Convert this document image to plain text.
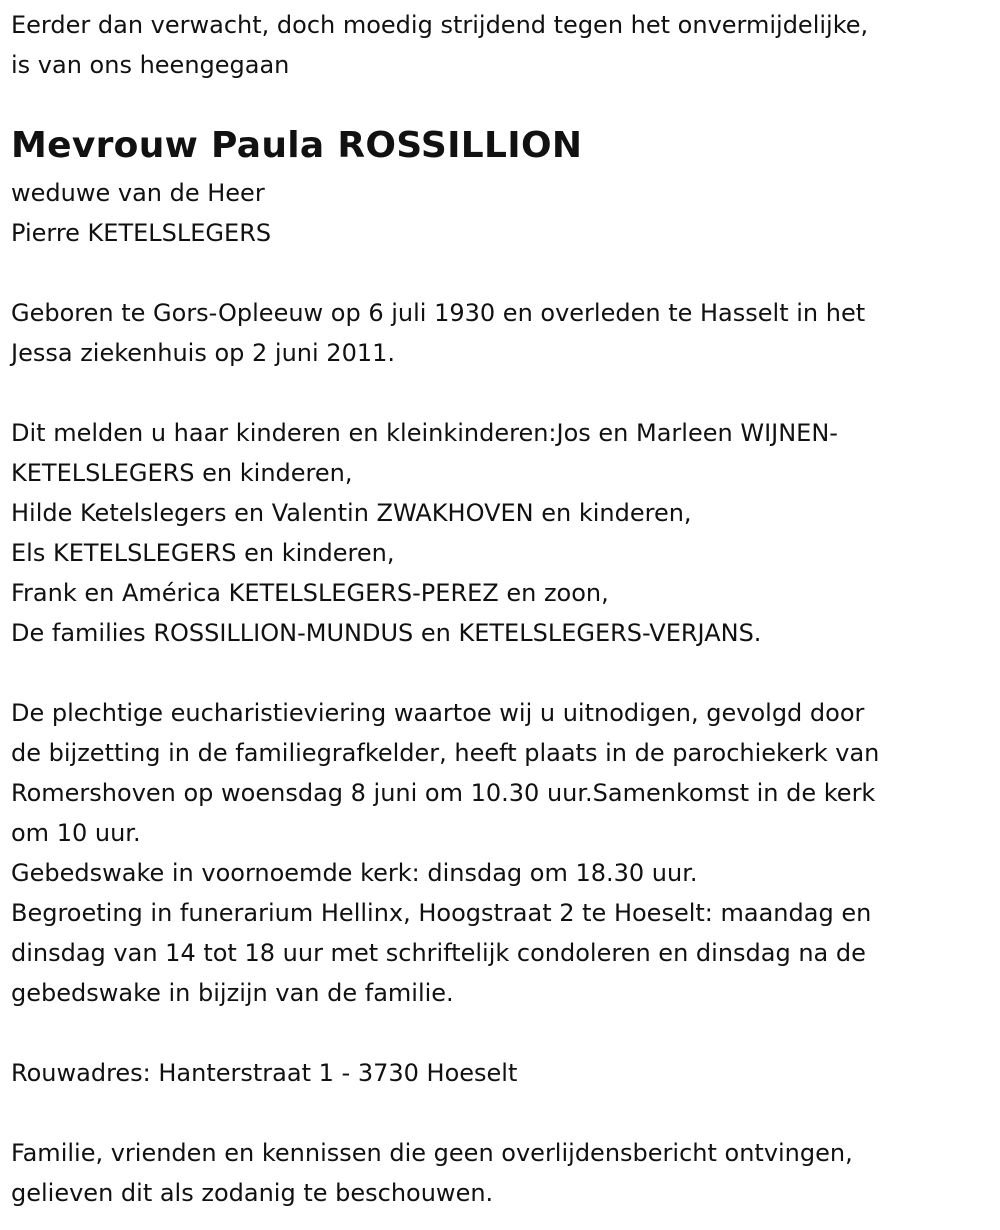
Eerder dan verwacht, doch moedig strijdend tegen het onvermijdelijke,
is van ons heengegaan
Mevrouw Paula ROSSILLION
weduwe van de Heer
Pierre KETELSLEGERS
Geboren te Gors-Opleeuw op 6 juli 1930 en overleden te Hasselt in het
Jessa ziekenhuis op 2 juni 2011.
Dit melden u haar kinderen en kleinkinderen:Jos en Marleen WIJNEN-
KETELSLEGERS en kinderen,
Hilde Ketelslegers en Valentin ZWAKHOVEN en kinderen,
Els KETELSLEGERS en kinderen,
Frank en América KETELSLEGERS-PEREZ en zoon,
De families ROSSILLION-MUNDUS en KETELSLEGERS-VERJANS.
De plechtige eucharistieviering waartoe wij u uitnodigen, gevolgd door
de bijzetting in de familiegrafkelder, heeft plaats in de parochiekerk van
Romershoven op woensdag 8 juni om 10.30 uur.Samenkomst in de kerk
om 10 uur.
Gebedswake in voornoemde kerk: dinsdag om 18.30 uur.
Begroeting in funerarium Hellinx, Hoogstraat 2 te Hoeselt: maandag en
dinsdag van 14 tot 18 uur met schriftelijk condoleren en dinsdag na de
gebedswake in bijzijn van de familie.
Rouwadres: Hanterstraat 1 - 3730 Hoeselt
Familie, vrienden en kennissen die geen overlijdensbericht ontvingen,
gelieven dit als zodanig te beschouwen.
